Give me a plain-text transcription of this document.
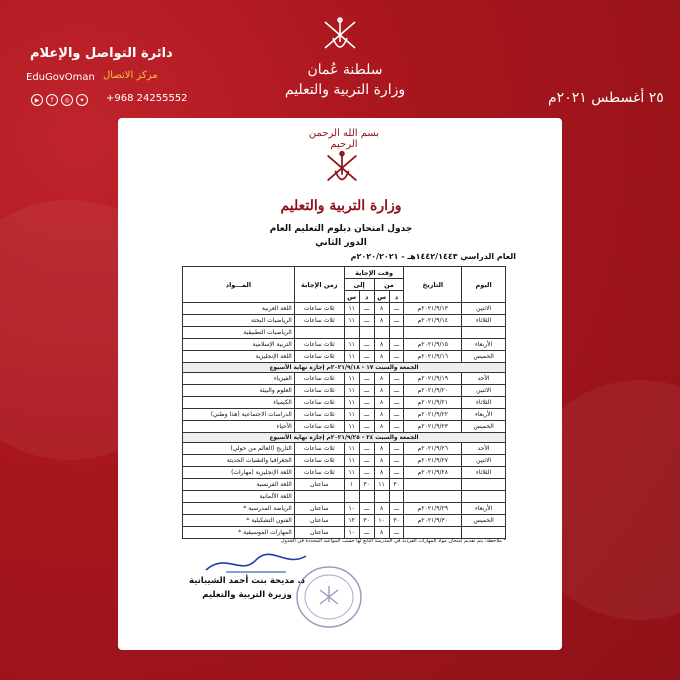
٢٥ أغسطس ٢٠٢١م
سلطنة عُمان
وزارة التربية والتعليم
دائرة التواصل والإعلام
EduGovOman مركز الاتصال
▶	f	◎	✦	+968 24255552
بسم الله الرحمن الرحيم
وزارة التربية والتعليم
جدول امتحان دبلوم التعليم العام
الدور الثاني
العام الدراسي ١٤٤٢/١٤٤٣هـ - ٢٠٢٠/٢٠٢١م
اليوم	التاريخ	وقت الإجابة				زمن الإجابة	المـــواد
		من		إلى			
		د	س	د	س		
الاثنين	٢٠٢١/٩/١٣م	ـــ	٨	ـــ	١١	ثلاث ساعات	اللغة العربية
الثلاثاء	٢٠٢١/٩/١٤م	ـــ	٨	ـــ	١١	ثلاث ساعات	الرياضيات البحتة
							الرياضيات التطبيقية
الأربعاء	٢٠٢١/٩/١٥م	ـــ	٨	ـــ	١١	ثلاث ساعات	التربية الإسلامية
الخميس	٢٠٢١/٩/١٦م	ـــ	٨	ـــ	١١	ثلاث ساعات	اللغة الإنجليزية
الجمعة والسبت ١٧ - ٢٠٢١/٩/١٨م إجازة نهاية الأسبوع							
الأحد	٢٠٢١/٩/١٩م	ـــ	٨	ـــ	١١	ثلاث ساعات	الفيزياء
الاثنين	٢٠٢١/٩/٢٠م	ـــ	٨	ـــ	١١	ثلاث ساعات	العلوم والبيئة
الثلاثاء	٢٠٢١/٩/٢١م	ـــ	٨	ـــ	١١	ثلاث ساعات	الكيمياء
الأربعاء	٢٠٢١/٩/٢٢م	ـــ	٨	ـــ	١١	ثلاث ساعات	الدراسات الاجتماعية (هذا وطني)
الخميس	٢٠٢١/٩/٢٣م	ـــ	٨	ـــ	١١	ثلاث ساعات	الأحياء
الجمعة والسبت ٢٤ - ٢٠٢١/٩/٢٥م إجازة نهاية الأسبوع							
الأحد	٢٠٢١/٩/٢٦م	ـــ	٨	ـــ	١١	ثلاث ساعات	التاريخ (العالم من حولي)
الاثنين	٢٠٢١/٩/٢٧م	ـــ	٨	ـــ	١١	ثلاث ساعات	الجغرافيا والتقنيات الحديثة
الثلاثاء	٢٠٢١/٩/٢٨م	ـــ	٨	ـــ	١١	ثلاث ساعات	اللغة الإنجليزية (مهارات)
		٣٠	١١	٣٠	١	ساعتان	اللغة الفرنسية
							اللغة الألمانية
الأربعاء	٢٠٢١/٩/٢٩م	ـــ	٨	ـــ	١٠	ساعتان	الرياضة المدرسية *
الخميس	٢٠٢١/٩/٣٠م	٣٠	١٠	٣٠	١٢	ساعتان	الفنون التشكيلية *
		ـــ	٨	ـــ	١٠	ساعتان	المهارات الموسيقية *
* ملاحظة: يتم تقديم امتحان مواد المهارات الفردية في المدرسة التابع لها حسب المواعيد المحددة في الجدول
د. مديحة بنت أحمد الشيبانية
وزيرة التربية والتعليم
